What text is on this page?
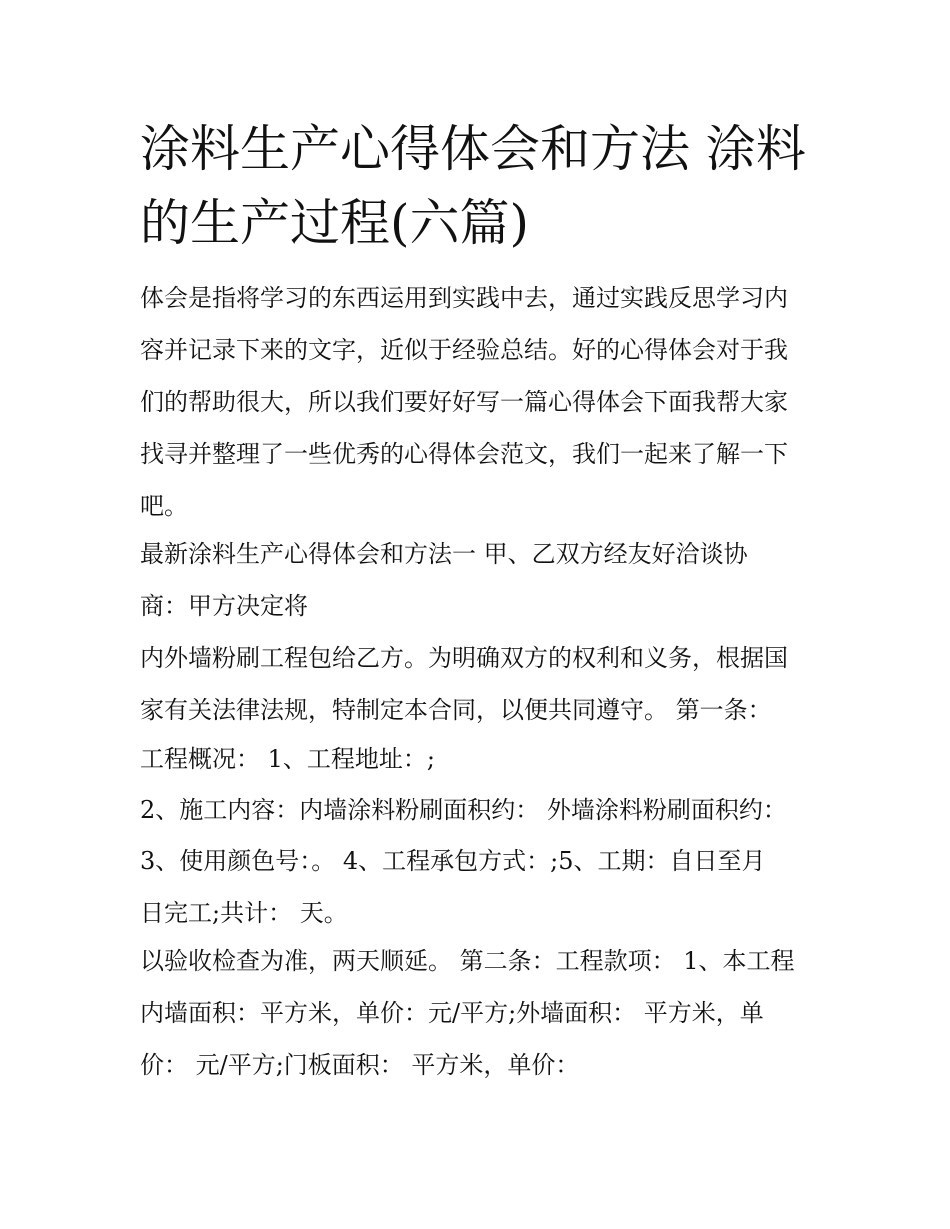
涂料生产心得体会和方法 涂料
的生产过程(六篇)
体会是指将学习的东西运用到实践中去，通过实践反思学习内
容并记录下来的文字，近似于经验总结。好的心得体会对于我
们的帮助很大，所以我们要好好写一篇心得体会下面我帮大家
找寻并整理了一些优秀的心得体会范文，我们一起来了解一下
吧。
最新涂料生产心得体会和方法一 甲、乙双方经友好洽谈协
商：甲方决定将
内外墙粉刷工程包给乙方。为明确双方的权利和义务，根据国
家有关法律法规，特制定本合同，以便共同遵守。 第一条：
工程概况： 1、工程地址：;
2、施工内容：内墙涂料粉刷面积约： 外墙涂料粉刷面积约：
3、使用颜色号：。 4、工程承包方式：;5、工期：自日至月
日完工;共计： 天。
以验收检查为准，两天顺延。 第二条：工程款项： 1、本工程
内墙面积：平方米，单价：元/平方;外墙面积： 平方米，单
价： 元/平方;门板面积： 平方米，单价：
